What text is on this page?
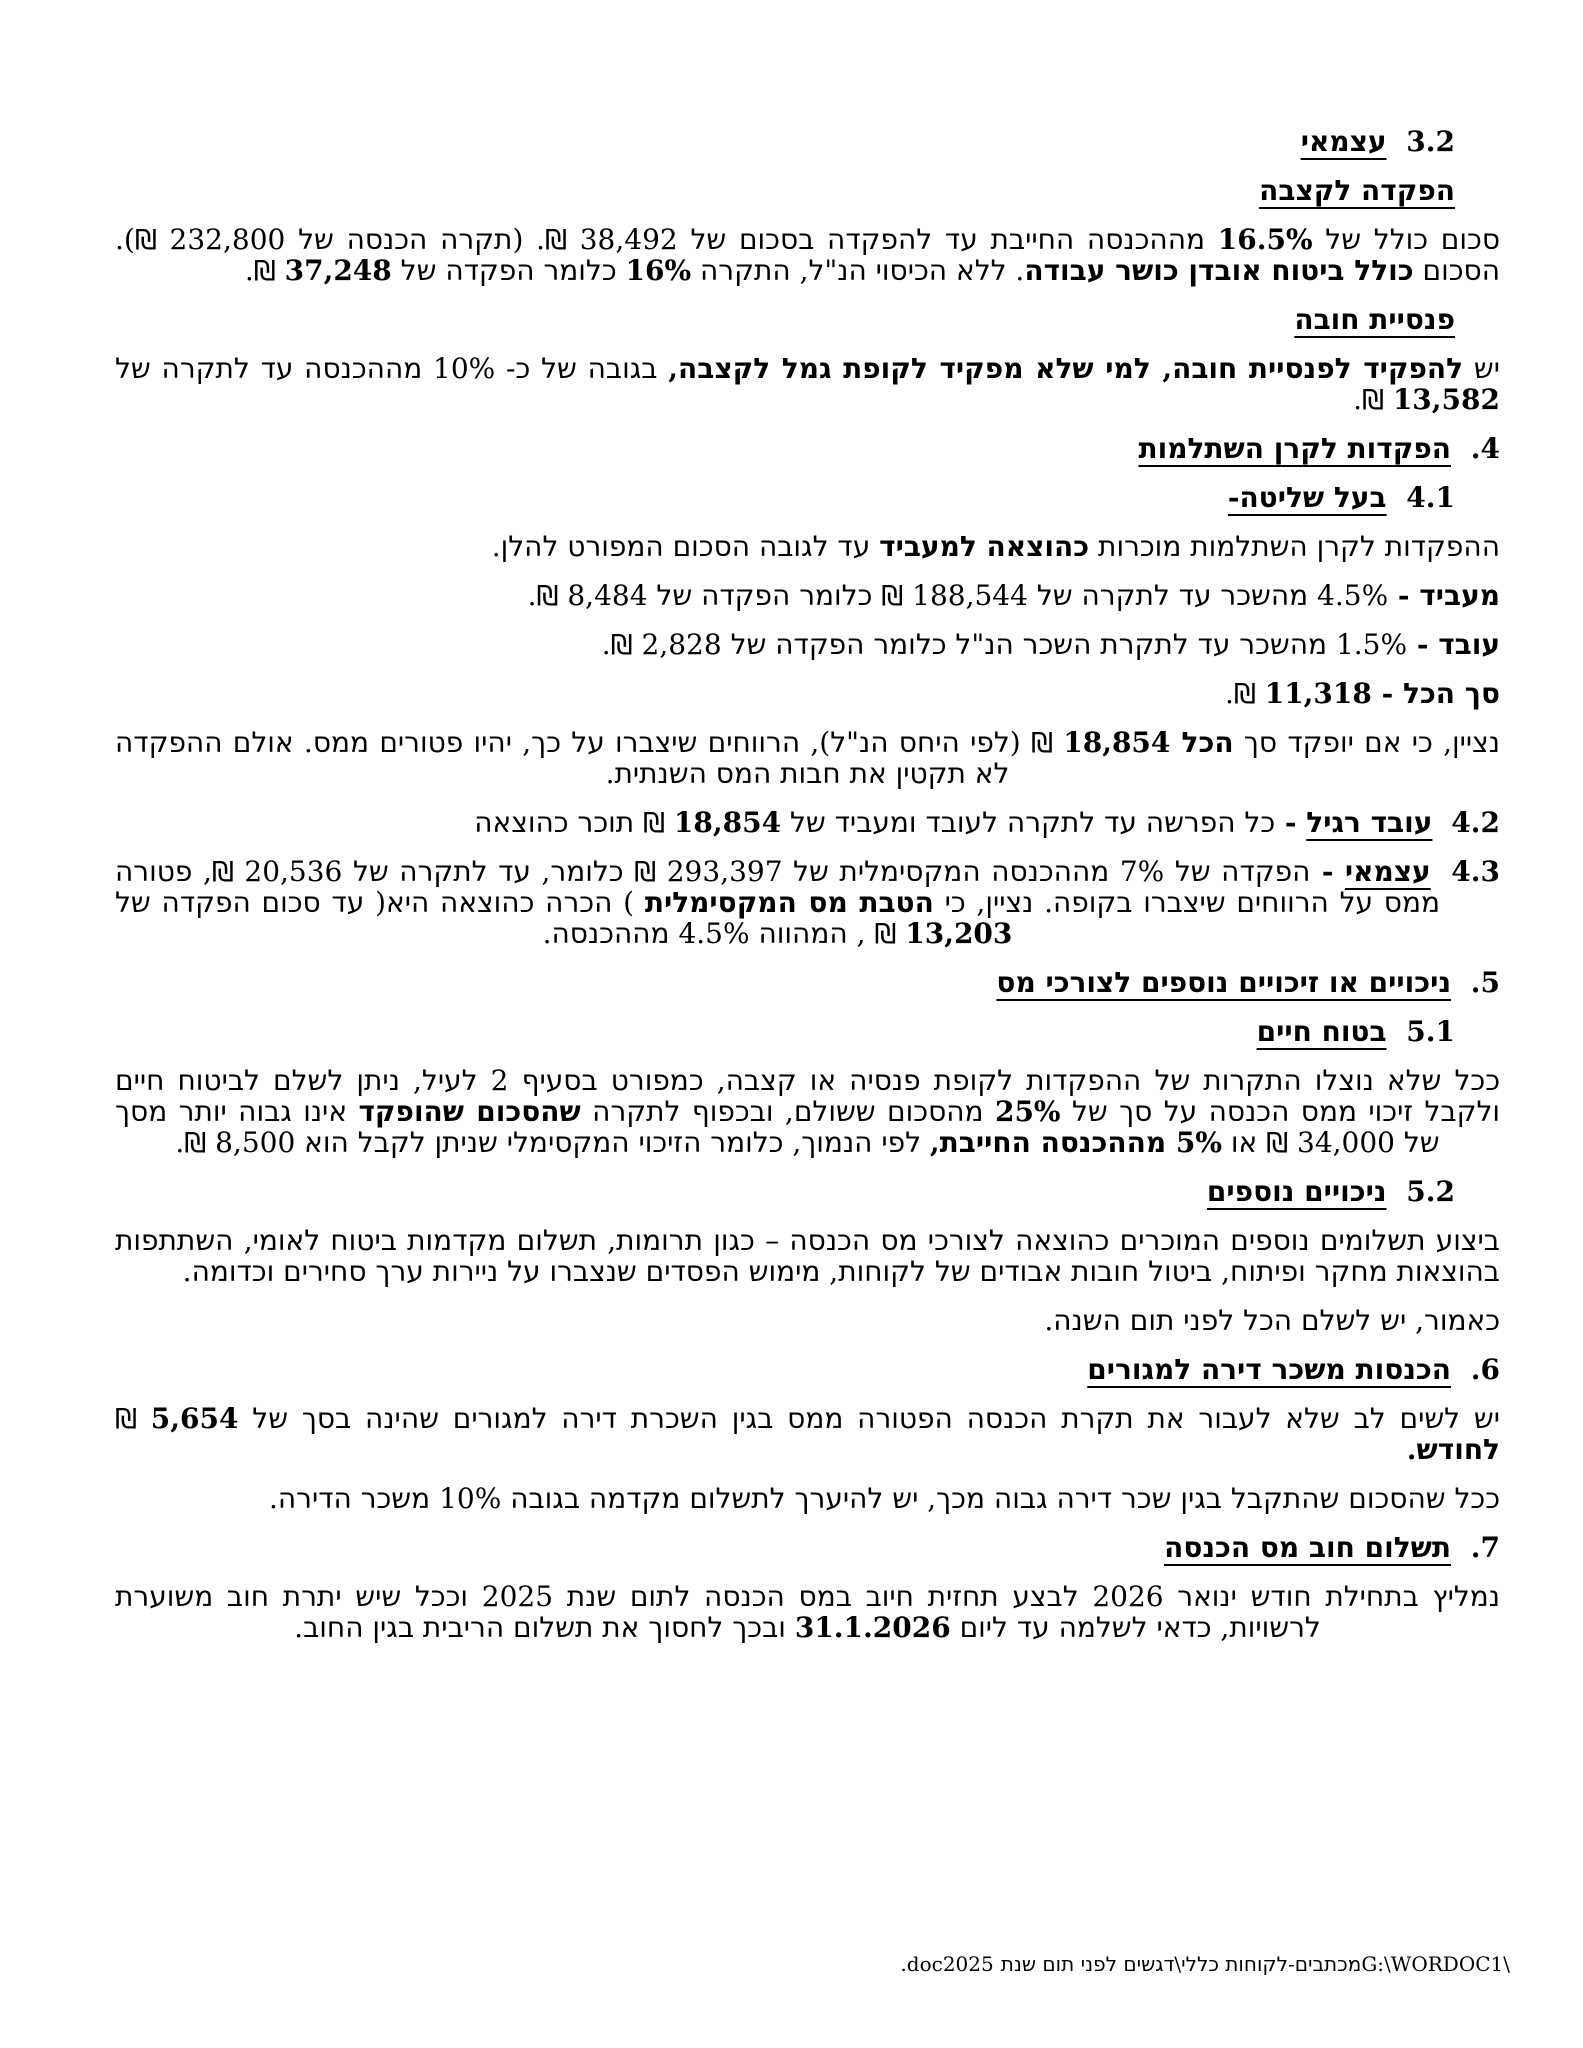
3.2 עצמאי
הפקדה לקצבה

סכום כולל של 16.5% מההכנסה החייבת עד להפקדה בסכום של 38,492 ₪. (תקרה הכנסה של 232,800 ₪). הסכום כולל ביטוח אובדן כושר עבודה. ללא הכיסוי הנ"ל, התקרה 16% כלומר הפקדה של 37,248 ₪.

פנסיית חובה

יש להפקיד לפנסיית חובה, למי שלא מפקיד לקופת גמל לקצבה, בגובה של כ- 10% מההכנסה עד לתקרה של 13,582 ₪.

4. הפקדות לקרן השתלמות
4.1 בעל שליטה-

ההפקדות לקרן השתלמות מוכרות כהוצאה למעביד עד לגובה הסכום המפורט להלן.

מעביד - 4.5% מהשכר עד לתקרה של 188,544 ₪ כלומר הפקדה של 8,484 ₪.

עובד - 1.5% מהשכר עד לתקרת השכר הנ"ל כלומר הפקדה של 2,828 ₪.

סך הכל - 11,318 ₪.

נציין, כי אם יופקד סך הכל 18,854 ₪ (לפי היחס הנ"ל), הרווחים שיצברו על כך, יהיו פטורים ממס. אולם ההפקדה לא תקטין את חבות המס השנתית.

4.2 עובד רגיל - כל הפרשה עד לתקרה לעובד ומעביד של 18,854 ₪ תוכר כהוצאה

4.3 עצמאי - הפקדה של 7% מההכנסה המקסימלית של 293,397 ₪ כלומר, עד לתקרה של 20,536 ₪, פטורה ממס על הרווחים שיצברו בקופה. נציין, כי הטבת מס המקסימלית ) הכרה כהוצאה היא( עד סכום הפקדה של 13,203 ₪ , המהווה 4.5% מההכנסה.

5. ניכויים או זיכויים נוספים לצורכי מס
5.1 בטוח חיים

ככל שלא נוצלו התקרות של ההפקדות לקופת פנסיה או קצבה, כמפורט בסעיף 2 לעיל, ניתן לשלם לביטוח חיים ולקבל זיכוי ממס הכנסה על סך של 25% מהסכום ששולם, ובכפוף לתקרה שהסכום שהופקד אינו גבוה יותר מסך של 34,000 ₪ או 5% מההכנסה החייבת, לפי הנמוך, כלומר הזיכוי המקסימלי שניתן לקבל הוא 8,500 ₪.

5.2 ניכויים נוספים

ביצוע תשלומים נוספים המוכרים כהוצאה לצורכי מס הכנסה – כגון תרומות, תשלום מקדמות ביטוח לאומי, השתתפות בהוצאות מחקר ופיתוח, ביטול חובות אבודים של לקוחות, מימוש הפסדים שנצברו על ניירות ערך סחירים וכדומה.

כאמור, יש לשלם הכל לפני תום השנה.

6. הכנסות משכר דירה למגורים

יש לשים לב שלא לעבור את תקרת הכנסה הפטורה ממס בגין השכרת דירה למגורים שהינה בסך של 5,654 ₪ לחודש.

ככל שהסכום שהתקבל בגין שכר דירה גבוה מכך, יש להיערך לתשלום מקדמה בגובה 10% משכר הדירה.

7. תשלום חוב מס הכנסה

נמליץ בתחילת חודש ינואר 2026 לבצע תחזית חיוב במס הכנסה לתום שנת 2025 וככל שיש יתרת חוב משוערת לרשויות, כדאי לשלמה עד ליום 31.1.2026 ובכך לחסוך את תשלום הריבית בגין החוב.

.doc2025 מכתבים-לקוחות כללי\דגשים לפני תום שנתG:\WORDOC1\
